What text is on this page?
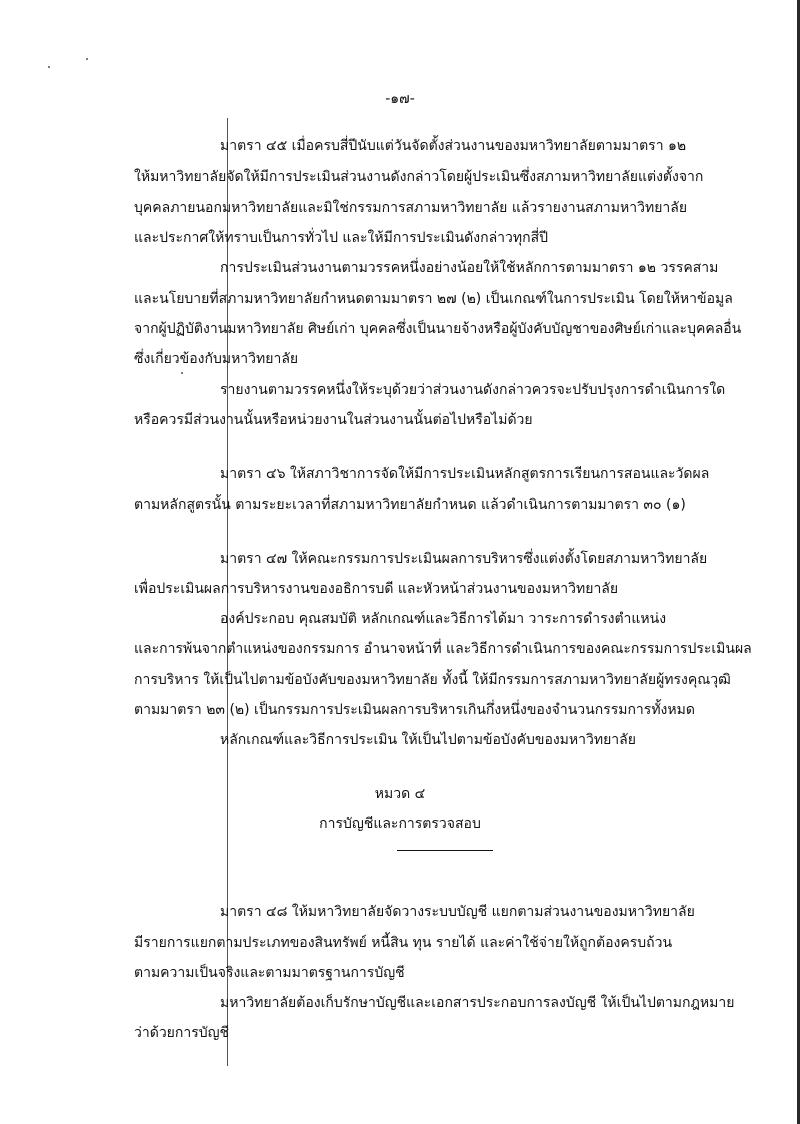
-๑๗-
มาตรา ๔๕ เมื่อครบสี่ปีนับแต่วันจัดตั้งส่วนงานของมหาวิทยาลัยตามมาตรา ๑๒
ให้มหาวิทยาลัยจัดให้มีการประเมินส่วนงานดังกล่าวโดยผู้ประเมินซึ่งสภามหาวิทยาลัยแต่งตั้งจาก
บุคคลภายนอกมหาวิทยาลัยและมิใช่กรรมการสภามหาวิทยาลัย แล้วรายงานสภามหาวิทยาลัย
และประกาศให้ทราบเป็นการทั่วไป และให้มีการประเมินดังกล่าวทุกสี่ปี
การประเมินส่วนงานตามวรรคหนึ่งอย่างน้อยให้ใช้หลักการตามมาตรา ๑๒ วรรคสาม
และนโยบายที่สภามหาวิทยาลัยกำหนดตามมาตรา ๒๗ (๒) เป็นเกณฑ์ในการประเมิน โดยให้หาข้อมูล
จากผู้ปฏิบัติงานมหาวิทยาลัย ศิษย์เก่า บุคคลซึ่งเป็นนายจ้างหรือผู้บังคับบัญชาของศิษย์เก่าและบุคคลอื่น
ซึ่งเกี่ยวข้องกับมหาวิทยาลัย
รายงานตามวรรคหนึ่งให้ระบุด้วยว่าส่วนงานดังกล่าวควรจะปรับปรุงการดำเนินการใด
หรือควรมีส่วนงานนั้นหรือหน่วยงานในส่วนงานนั้นต่อไปหรือไม่ด้วย
มาตรา ๔๖ ให้สภาวิชาการจัดให้มีการประเมินหลักสูตรการเรียนการสอนและวัดผล
ตามหลักสูตรนั้น ตามระยะเวลาที่สภามหาวิทยาลัยกำหนด แล้วดำเนินการตามมาตรา ๓๐ (๑)
มาตรา ๔๗ ให้คณะกรรมการประเมินผลการบริหารซึ่งแต่งตั้งโดยสภามหาวิทยาลัย
เพื่อประเมินผลการบริหารงานของอธิการบดี และหัวหน้าส่วนงานของมหาวิทยาลัย
องค์ประกอบ คุณสมบัติ หลักเกณฑ์และวิธีการได้มา วาระการดำรงตำแหน่ง
และการพ้นจากตำแหน่งของกรรมการ อำนาจหน้าที่ และวิธีการดำเนินการของคณะกรรมการประเมินผล
การบริหาร ให้เป็นไปตามข้อบังคับของมหาวิทยาลัย ทั้งนี้ ให้มีกรรมการสภามหาวิทยาลัยผู้ทรงคุณวุฒิ
ตามมาตรา ๒๓ (๒) เป็นกรรมการประเมินผลการบริหารเกินกึ่งหนึ่งของจำนวนกรรมการทั้งหมด
หลักเกณฑ์และวิธีการประเมิน ให้เป็นไปตามข้อบังคับของมหาวิทยาลัย
หมวด ๔
การบัญชีและการตรวจสอบ
มาตรา ๔๘ ให้มหาวิทยาลัยจัดวางระบบบัญชี แยกตามส่วนงานของมหาวิทยาลัย
มีรายการแยกตามประเภทของสินทรัพย์ หนี้สิน ทุน รายได้ และค่าใช้จ่ายให้ถูกต้องครบถ้วน
ตามความเป็นจริงและตามมาตรฐานการบัญชี
มหาวิทยาลัยต้องเก็บรักษาบัญชีและเอกสารประกอบการลงบัญชี ให้เป็นไปตามกฎหมาย
ว่าด้วยการบัญชี
